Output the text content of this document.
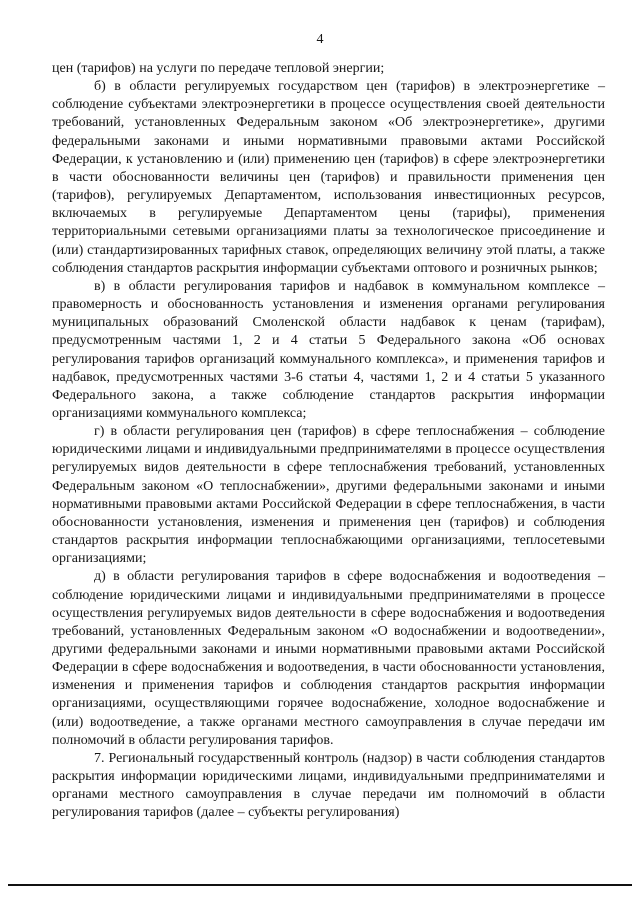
4

цен (тарифов) на услуги по передаче тепловой энергии;

б) в области регулируемых государством цен (тарифов) в электроэнергетике – соблюдение субъектами электроэнергетики в процессе осуществления своей деятельности требований, установленных Федеральным законом «Об электроэнергетике», другими федеральными законами и иными нормативными правовыми актами Российской Федерации, к установлению и (или) применению цен (тарифов) в сфере электроэнергетики в части обоснованности величины цен (тарифов) и правильности применения цен (тарифов), регулируемых Департаментом, использования инвестиционных ресурсов, включаемых в регулируемые Департаментом цены (тарифы), применения территориальными сетевыми организациями платы за технологическое присоединение и (или) стандартизированных тарифных ставок, определяющих величину этой платы, а также соблюдения стандартов раскрытия информации субъектами оптового и розничных рынков;

в) в области регулирования тарифов и надбавок в коммунальном комплексе – правомерность и обоснованность установления и изменения органами регулирования муниципальных образований Смоленской области надбавок к ценам (тарифам), предусмотренным частями 1, 2 и 4 статьи 5 Федерального закона «Об основах регулирования тарифов организаций коммунального комплекса», и применения тарифов и надбавок, предусмотренных частями 3-6 статьи 4, частями 1, 2 и 4 статьи 5 указанного Федерального закона, а также соблюдение стандартов раскрытия информации организациями коммунального комплекса;

г) в области регулирования цен (тарифов) в сфере теплоснабжения – соблюдение юридическими лицами и индивидуальными предпринимателями в процессе осуществления регулируемых видов деятельности в сфере теплоснабжения требований, установленных Федеральным законом «О теплоснабжении», другими федеральными законами и иными нормативными правовыми актами Российской Федерации в сфере теплоснабжения, в части обоснованности установления, изменения и применения цен (тарифов) и соблюдения стандартов раскрытия информации теплоснабжающими организациями, теплосетевыми организациями;

д) в области регулирования тарифов в сфере водоснабжения и водоотведения – соблюдение юридическими лицами и индивидуальными предпринимателями в процессе осуществления регулируемых видов деятельности в сфере водоснабжения и водоотведения требований, установленных Федеральным законом «О водоснабжении и водоотведении», другими федеральными законами и иными нормативными правовыми актами Российской Федерации в сфере водоснабжения и водоотведения, в части обоснованности установления, изменения и применения тарифов и соблюдения стандартов раскрытия информации организациями, осуществляющими горячее водоснабжение, холодное водоснабжение и (или) водоотведение, а также органами местного самоуправления в случае передачи им полномочий в области регулирования тарифов.

7. Региональный государственный контроль (надзор) в части соблюдения стандартов раскрытия информации юридическими лицами, индивидуальными предпринимателями и органами местного самоуправления в случае передачи им полномочий в области регулирования тарифов (далее – субъекты регулирования)
